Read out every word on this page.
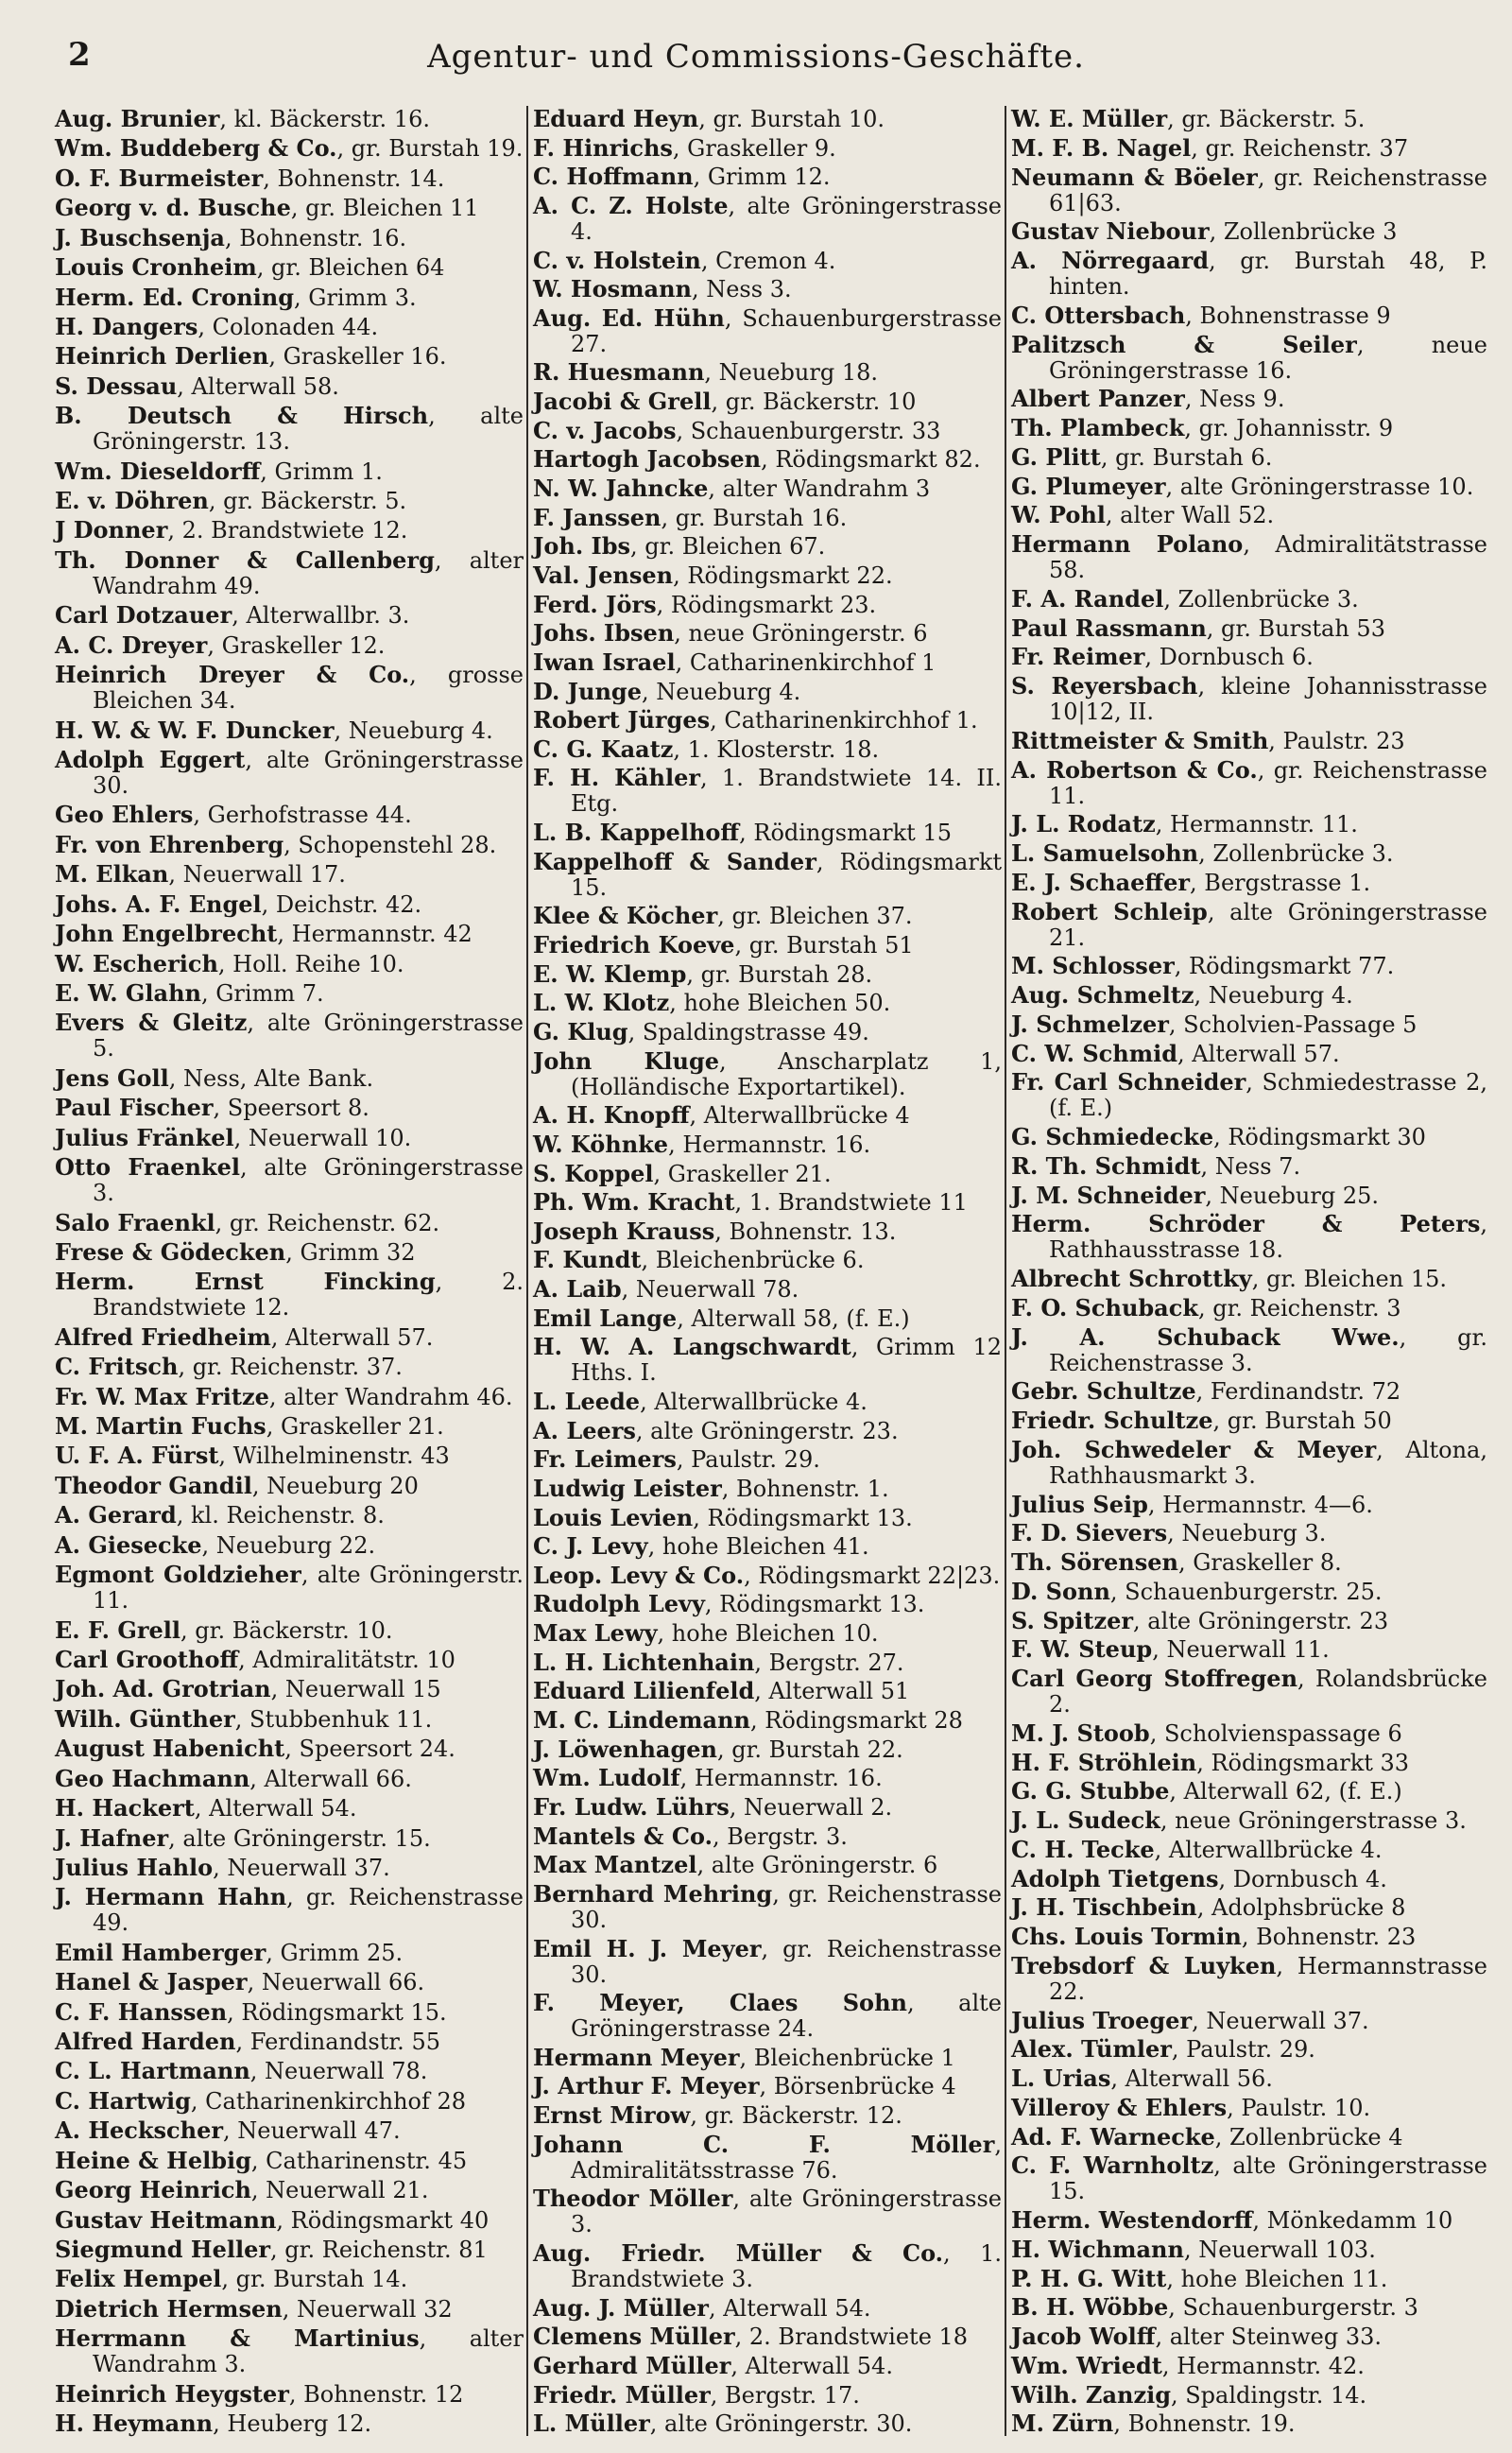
2	Agentur- und Commissions-Geschäfte.
Aug. Brunier, kl. Bäckerstr. 16.
Wm. Buddeberg & Co., gr. Burstah 19.
O. F. Burmeister, Bohnenstr. 14.
Georg v. d. Busche, gr. Bleichen 11
J. Buschsenja, Bohnenstr. 16.
Louis Cronheim, gr. Bleichen 64
Herm. Ed. Croning, Grimm 3.
H. Dangers, Colonaden 44.
Heinrich Derlien, Graskeller 16.
S. Dessau, Alterwall 58.
B. Deutsch & Hirsch, alte Gröningerstr. 13.
Wm. Dieseldorff, Grimm 1.
E. v. Döhren, gr. Bäckerstr. 5.
J Donner, 2. Brandstwiete 12.
Th. Donner & Callenberg, alter Wandrahm 49.
Carl Dotzauer, Alterwallbr. 3.
A. C. Dreyer, Graskeller 12.
Heinrich Dreyer & Co., grosse Bleichen 34.
H. W. & W. F. Duncker, Neueburg 4.
Adolph Eggert, alte Gröningerstrasse 30.
Geo Ehlers, Gerhofstrasse 44.
Fr. von Ehrenberg, Schopenstehl 28.
M. Elkan, Neuerwall 17.
Johs. A. F. Engel, Deichstr. 42.
John Engelbrecht, Hermannstr. 42
W. Escherich, Holl. Reihe 10.
E. W. Glahn, Grimm 7.
Evers & Gleitz, alte Gröningerstrasse 5.
Jens Goll, Ness, Alte Bank.
Paul Fischer, Speersort 8.
Julius Fränkel, Neuerwall 10.
Otto Fraenkel, alte Gröningerstrasse 3.
Salo Fraenkl, gr. Reichenstr. 62.
Frese & Gödecken, Grimm 32
Herm. Ernst Fincking, 2. Brandstwiete 12.
Alfred Friedheim, Alterwall 57.
C. Fritsch, gr. Reichenstr. 37.
Fr. W. Max Fritze, alter Wandrahm 46.
M. Martin Fuchs, Graskeller 21.
U. F. A. Fürst, Wilhelminenstr. 43
Theodor Gandil, Neueburg 20
A. Gerard, kl. Reichenstr. 8.
A. Giesecke, Neueburg 22.
Egmont Goldzieher, alte Gröningerstr. 11.
E. F. Grell, gr. Bäckerstr. 10.
Carl Groothoff, Admiralitätstr. 10
Joh. Ad. Grotrian, Neuerwall 15
Wilh. Günther, Stubbenhuk 11.
August Habenicht, Speersort 24.
Geo Hachmann, Alterwall 66.
H. Hackert, Alterwall 54.
J. Hafner, alte Gröningerstr. 15.
Julius Hahlo, Neuerwall 37.
J. Hermann Hahn, gr. Reichenstrasse 49.
Emil Hamberger, Grimm 25.
Hanel & Jasper, Neuerwall 66.
C. F. Hanssen, Rödingsmarkt 15.
Alfred Harden, Ferdinandstr. 55
C. L. Hartmann, Neuerwall 78.
C. Hartwig, Catharinenkirchhof 28
A. Heckscher, Neuerwall 47.
Heine & Helbig, Catharinenstr. 45
Georg Heinrich, Neuerwall 21.
Gustav Heitmann, Rödingsmarkt 40
Siegmund Heller, gr. Reichenstr. 81
Felix Hempel, gr. Burstah 14.
Dietrich Hermsen, Neuerwall 32
Herrmann & Martinius, alter Wandrahm 3.
Heinrich Heygster, Bohnenstr. 12
H. Heymann, Heuberg 12.
Eduard Heyn, gr. Burstah 10.
F. Hinrichs, Graskeller 9.
C. Hoffmann, Grimm 12.
A. C. Z. Holste, alte Gröningerstrasse 4.
C. v. Holstein, Cremon 4.
W. Hosmann, Ness 3.
Aug. Ed. Hühn, Schauenburgerstrasse 27.
R. Huesmann, Neueburg 18.
Jacobi & Grell, gr. Bäckerstr. 10
C. v. Jacobs, Schauenburgerstr. 33
Hartogh Jacobsen, Rödingsmarkt 82.
N. W. Jahncke, alter Wandrahm 3
F. Janssen, gr. Burstah 16.
Joh. Ibs, gr. Bleichen 67.
Val. Jensen, Rödingsmarkt 22.
Ferd. Jörs, Rödingsmarkt 23.
Johs. Ibsen, neue Gröningerstr. 6
Iwan Israel, Catharinenkirchhof 1
D. Junge, Neueburg 4.
Robert Jürges, Catharinenkirchhof 1.
C. G. Kaatz, 1. Klosterstr. 18.
F. H. Kähler, 1. Brandstwiete 14. II. Etg.
L. B. Kappelhoff, Rödingsmarkt 15
Kappelhoff & Sander, Rödingsmarkt 15.
Klee & Köcher, gr. Bleichen 37.
Friedrich Koeve, gr. Burstah 51
E. W. Klemp, gr. Burstah 28.
L. W. Klotz, hohe Bleichen 50.
G. Klug, Spaldingstrasse 49.
John Kluge, Anscharplatz 1, (Holländische Exportartikel).
A. H. Knopff, Alterwallbrücke 4
W. Köhnke, Hermannstr. 16.
S. Koppel, Graskeller 21.
Ph. Wm. Kracht, 1. Brandstwiete 11
Joseph Krauss, Bohnenstr. 13.
F. Kundt, Bleichenbrücke 6.
A. Laib, Neuerwall 78.
Emil Lange, Alterwall 58, (f. E.)
H. W. A. Langschwardt, Grimm 12 Hths. I.
L. Leede, Alterwallbrücke 4.
A. Leers, alte Gröningerstr. 23.
Fr. Leimers, Paulstr. 29.
Ludwig Leister, Bohnenstr. 1.
Louis Levien, Rödingsmarkt 13.
C. J. Levy, hohe Bleichen 41.
Leop. Levy & Co., Rödingsmarkt 22|23.
Rudolph Levy, Rödingsmarkt 13.
Max Lewy, hohe Bleichen 10.
L. H. Lichtenhain, Bergstr. 27.
Eduard Lilienfeld, Alterwall 51
M. C. Lindemann, Rödingsmarkt 28
J. Löwenhagen, gr. Burstah 22.
Wm. Ludolf, Hermannstr. 16.
Fr. Ludw. Lührs, Neuerwall 2.
Mantels & Co., Bergstr. 3.
Max Mantzel, alte Gröningerstr. 6
Bernhard Mehring, gr. Reichenstrasse 30.
Emil H. J. Meyer, gr. Reichenstrasse 30.
F. Meyer, Claes Sohn, alte Gröningerstrasse 24.
Hermann Meyer, Bleichenbrücke 1
J. Arthur F. Meyer, Börsenbrücke 4
Ernst Mirow, gr. Bäckerstr. 12.
Johann C. F. Möller, Admiralitätsstrasse 76.
Theodor Möller, alte Gröningerstrasse 3.
Aug. Friedr. Müller & Co., 1. Brandstwiete 3.
Aug. J. Müller, Alterwall 54.
Clemens Müller, 2. Brandstwiete 18
Gerhard Müller, Alterwall 54.
Friedr. Müller, Bergstr. 17.
L. Müller, alte Gröningerstr. 30.
W. E. Müller, gr. Bäckerstr. 5.
M. F. B. Nagel, gr. Reichenstr. 37
Neumann & Böeler, gr. Reichenstrasse 61|63.
Gustav Niebour, Zollenbrücke 3
A. Nörregaard, gr. Burstah 48, P. hinten.
C. Ottersbach, Bohnenstrasse 9
Palitzsch & Seiler, neue Gröningerstrasse 16.
Albert Panzer, Ness 9.
Th. Plambeck, gr. Johannisstr. 9
G. Plitt, gr. Burstah 6.
G. Plumeyer, alte Gröningerstrasse 10.
W. Pohl, alter Wall 52.
Hermann Polano, Admiralitätstrasse 58.
F. A. Randel, Zollenbrücke 3.
Paul Rassmann, gr. Burstah 53
Fr. Reimer, Dornbusch 6.
S. Reyersbach, kleine Johannisstrasse 10|12, II.
Rittmeister & Smith, Paulstr. 23
A. Robertson & Co., gr. Reichenstrasse 11.
J. L. Rodatz, Hermannstr. 11.
L. Samuelsohn, Zollenbrücke 3.
E. J. Schaeffer, Bergstrasse 1.
Robert Schleip, alte Gröningerstrasse 21.
M. Schlosser, Rödingsmarkt 77.
Aug. Schmeltz, Neueburg 4.
J. Schmelzer, Scholvien-Passage 5
C. W. Schmid, Alterwall 57.
Fr. Carl Schneider, Schmiedestrasse 2, (f. E.)
G. Schmiedecke, Rödingsmarkt 30
R. Th. Schmidt, Ness 7.
J. M. Schneider, Neueburg 25.
Herm. Schröder & Peters, Rathhausstrasse 18.
Albrecht Schrottky, gr. Bleichen 15.
F. O. Schuback, gr. Reichenstr. 3
J. A. Schuback Wwe., gr. Reichenstrasse 3.
Gebr. Schultze, Ferdinandstr. 72
Friedr. Schultze, gr. Burstah 50
Joh. Schwedeler & Meyer, Altona, Rathhausmarkt 3.
Julius Seip, Hermannstr. 4—6.
F. D. Sievers, Neueburg 3.
Th. Sörensen, Graskeller 8.
D. Sonn, Schauenburgerstr. 25.
S. Spitzer, alte Gröningerstr. 23
F. W. Steup, Neuerwall 11.
Carl Georg Stoffregen, Rolandsbrücke 2.
M. J. Stoob, Scholvienspassage 6
H. F. Ströhlein, Rödingsmarkt 33
G. G. Stubbe, Alterwall 62, (f. E.)
J. L. Sudeck, neue Gröningerstrasse 3.
C. H. Tecke, Alterwallbrücke 4.
Adolph Tietgens, Dornbusch 4.
J. H. Tischbein, Adolphsbrücke 8
Chs. Louis Tormin, Bohnenstr. 23
Trebsdorf & Luyken, Hermannstrasse 22.
Julius Troeger, Neuerwall 37.
Alex. Tümler, Paulstr. 29.
L. Urias, Alterwall 56.
Villeroy & Ehlers, Paulstr. 10.
Ad. F. Warnecke, Zollenbrücke 4
C. F. Warnholtz, alte Gröningerstrasse 15.
Herm. Westendorff, Mönkedamm 10
H. Wichmann, Neuerwall 103.
P. H. G. Witt, hohe Bleichen 11.
B. H. Wöbbe, Schauenburgerstr. 3
Jacob Wolff, alter Steinweg 33.
Wm. Wriedt, Hermannstr. 42.
Wilh. Zanzig, Spaldingstr. 14.
M. Zürn, Bohnenstr. 19.
